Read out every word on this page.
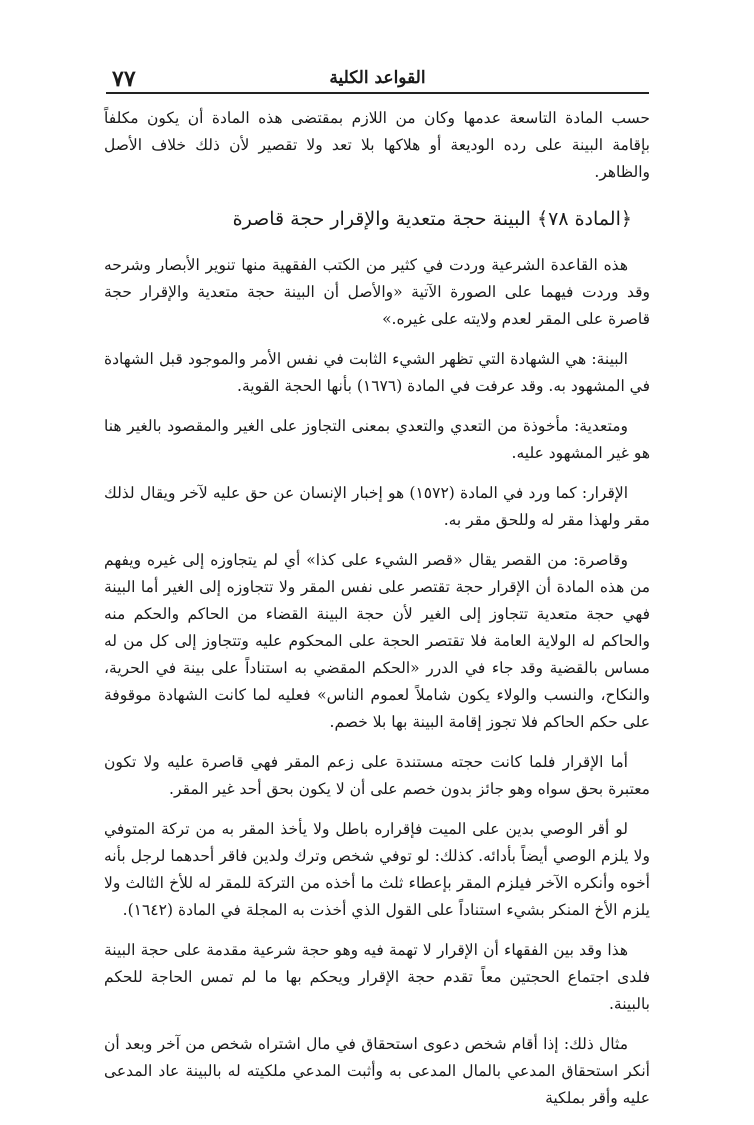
٧٧	القواعد الكلية

حسب المادة التاسعة عدمها وكان من اللازم بمقتضى هذه المادة أن يكون مكلفاً بإقامة البينة على رده الوديعة أو هلاكها بلا تعد ولا تقصير لأن ذلك خلاف الأصل والظاهر.

﴿المادة ٧٨﴾ البينة حجة متعدية والإقرار حجة قاصرة

هذه القاعدة الشرعية وردت في كثير من الكتب الفقهية منها تنوير الأبصار وشرحه وقد وردت فيهما على الصورة الآتية «والأصل أن البينة حجة متعدية والإقرار حجة قاصرة على المقر لعدم ولايته على غيره.»

البينة: هي الشهادة التي تظهر الشيء الثابت في نفس الأمر والموجود قبل الشهادة في المشهود به. وقد عرفت في المادة (١٦٧٦) بأنها الحجة القوية.

ومتعدية: مأخوذة من التعدي والتعدي بمعنى التجاوز على الغير والمقصود بالغير هنا هو غير المشهود عليه.

الإقرار: كما ورد في المادة (١٥٧٢) هو إخبار الإنسان عن حق عليه لآخر ويقال لذلك مقر ولهذا مقر له وللحق مقر به.

وقاصرة: من القصر يقال «قصر الشيء على كذا» أي لم يتجاوزه إلى غيره ويفهم من هذه المادة أن الإقرار حجة تقتصر على نفس المقر ولا تتجاوزه إلى الغير أما البينة فهي حجة متعدية تتجاوز إلى الغير لأن حجة البينة القضاء من الحاكم والحكم منه والحاكم له الولاية العامة فلا تقتصر الحجة على المحكوم عليه وتتجاوز إلى كل من له مساس بالقضية وقد جاء في الدرر «الحكم المقضي به استناداً على بينة في الحرية، والنكاح، والنسب والولاء يكون شاملاً لعموم الناس» فعليه لما كانت الشهادة موقوفة على حكم الحاكم فلا تجوز إقامة البينة بها بلا خصم.

أما الإقرار فلما كانت حجته مستندة على زعم المقر فهي قاصرة عليه ولا تكون معتبرة بحق سواه وهو جائز بدون خصم على أن لا يكون بحق أحد غير المقر.

لو أقر الوصي بدين على الميت فإقراره باطل ولا يأخذ المقر به من تركة المتوفي ولا يلزم الوصي أيضاً بأدائه. كذلك: لو توفي شخص وترك ولدين فاقر أحدهما لرجل بأنه أخوه وأنكره الآخر فيلزم المقر بإعطاء ثلث ما أخذه من التركة للمقر له للأخ الثالث ولا يلزم الأخ المنكر بشيء استناداً على القول الذي أخذت به المجلة في المادة (١٦٤٢).

هذا وقد بين الفقهاء أن الإقرار لا تهمة فيه وهو حجة شرعية مقدمة على حجة البينة فلدى اجتماع الحجتين معاً تقدم حجة الإقرار ويحكم بها ما لم تمس الحاجة للحكم بالبينة.

مثال ذلك: إذا أقام شخص دعوى استحقاق في مال اشتراه شخص من آخر وبعد أن أنكر استحقاق المدعي بالمال المدعى به وأثبت المدعي ملكيته له بالبينة عاد المدعى عليه وأقر بملكية
